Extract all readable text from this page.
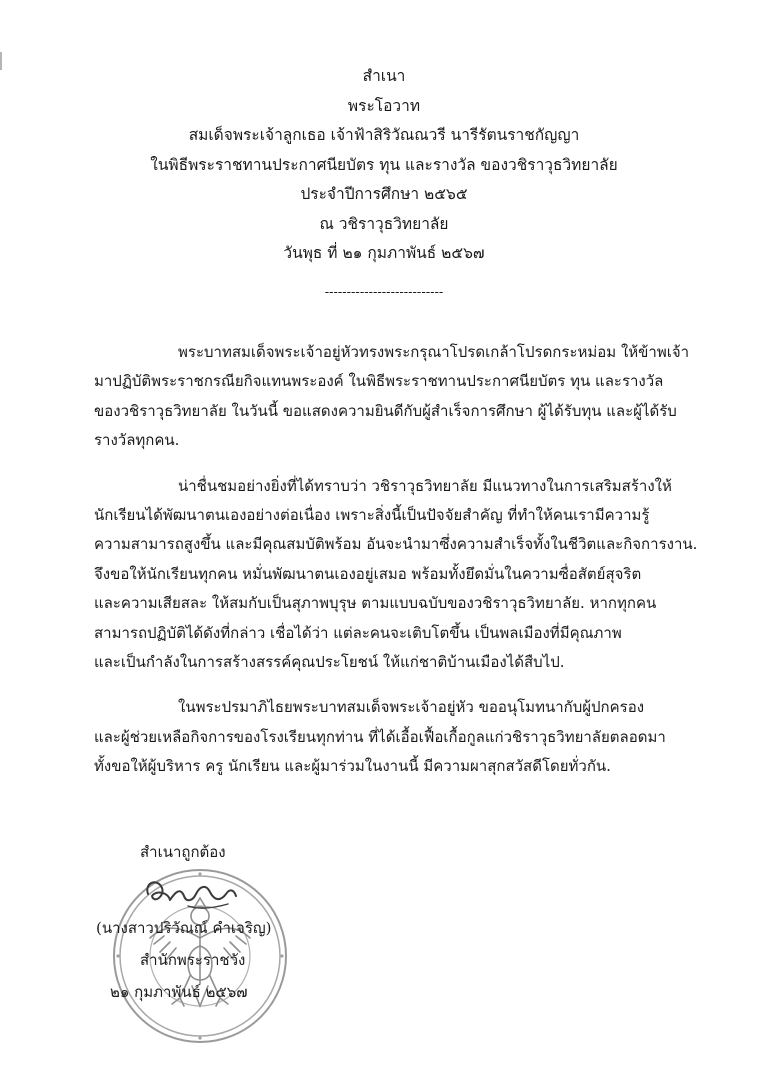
สำเนา
พระโอวาท
สมเด็จพระเจ้าลูกเธอ เจ้าฟ้าสิริวัณณวรี นารีรัตนราชกัญญา
ในพิธีพระราชทานประกาศนียบัตร ทุน และรางวัล ของวชิราวุธวิทยาลัย
ประจำปีการศึกษา ๒๕๖๕
ณ วชิราวุธวิทยาลัย
วันพุธ ที่ ๒๑ กุมภาพันธ์ ๒๕๖๗
---------------------------
พระบาทสมเด็จพระเจ้าอยู่หัวทรงพระกรุณาโปรดเกล้าโปรดกระหม่อม ให้ข้าพเจ้า
มาปฏิบัติพระราชกรณียกิจแทนพระองค์ ในพิธีพระราชทานประกาศนียบัตร ทุน และรางวัล
ของวชิราวุธวิทยาลัย ในวันนี้ ขอแสดงความยินดีกับผู้สำเร็จการศึกษา ผู้ได้รับทุน และผู้ได้รับ
รางวัลทุกคน.
น่าชื่นชมอย่างยิ่งที่ได้ทราบว่า วชิราวุธวิทยาลัย มีแนวทางในการเสริมสร้างให้
นักเรียนได้พัฒนาตนเองอย่างต่อเนื่อง เพราะสิ่งนี้เป็นปัจจัยสำคัญ ที่ทำให้คนเรามีความรู้
ความสามารถสูงขึ้น และมีคุณสมบัติพร้อม อันจะนำมาซึ่งความสำเร็จทั้งในชีวิตและกิจการงาน.
จึงขอให้นักเรียนทุกคน หมั่นพัฒนาตนเองอยู่เสมอ พร้อมทั้งยึดมั่นในความซื่อสัตย์สุจริต
และความเสียสละ ให้สมกับเป็นสุภาพบุรุษ ตามแบบฉบับของวชิราวุธวิทยาลัย. หากทุกคน
สามารถปฏิบัติได้ดังที่กล่าว เชื่อได้ว่า แต่ละคนจะเติบโตขึ้น เป็นพลเมืองที่มีคุณภาพ
และเป็นกำลังในการสร้างสรรค์คุณประโยชน์ ให้แก่ชาติบ้านเมืองได้สืบไป.
ในพระปรมาภิไธยพระบาทสมเด็จพระเจ้าอยู่หัว ขออนุโมทนากับผู้ปกครอง
และผู้ช่วยเหลือกิจการของโรงเรียนทุกท่าน ที่ได้เอื้อเฟื้อเกื้อกูลแก่วชิราวุธวิทยาลัยตลอดมา
ทั้งขอให้ผู้บริหาร ครู นักเรียน และผู้มาร่วมในงานนี้ มีความผาสุกสวัสดีโดยทั่วกัน.
สำเนาถูกต้อง
(นางสาวปริวัณณ์ คำเจริญ)
สำนักพระราชวัง
๒๑ กุมภาพันธ์ ๒๕๖๗
